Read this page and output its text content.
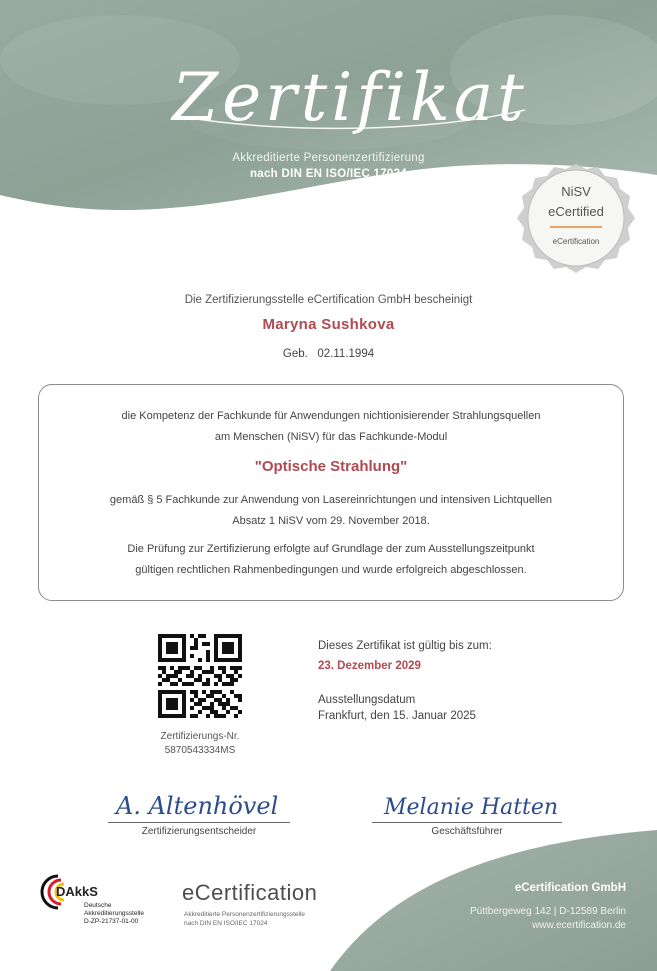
Zertifikat
Akkreditierte Personenzertifizierung
nach DIN EN ISO/IEC 17024
NiSV
eCertified
eCertification
Die Zertifizierungsstelle eCertification GmbH bescheinigt
Maryna Sushkova
Geb. 02.11.1994
die Kompetenz der Fachkunde für Anwendungen nichtionisierender Strahlungsquellen
am Menschen (NiSV) für das Fachkunde-Modul
"Optische Strahlung"
gemäß § 5 Fachkunde zur Anwendung von Lasereinrichtungen und intensiven Lichtquellen
Absatz 1 NiSV vom 29. November 2018.
Die Prüfung zur Zertifizierung erfolgte auf Grundlage der zum Ausstellungszeitpunkt
gültigen rechtlichen Rahmenbedingungen und wurde erfolgreich abgeschlossen.
Zertifizierungs-Nr.
5870543334MS
Dieses Zertifikat ist gültig bis zum:
23. Dezember 2029
Ausstellungsdatum
Frankfurt, den 15. Januar 2025
A. Altenhövel
Zertifizierungsentscheider
Melanie Hatten
Geschäftsführer
DAkkS
Deutsche
Akkreditierungsstelle
D-ZP-21737-01-00
eCertification
Akkreditierte Personenzertifizierungsstelle
nach DIN EN ISO/IEC 17024
eCertification GmbH
Püttbergeweg 142 | D-12589 Berlin
www.ecertification.de
